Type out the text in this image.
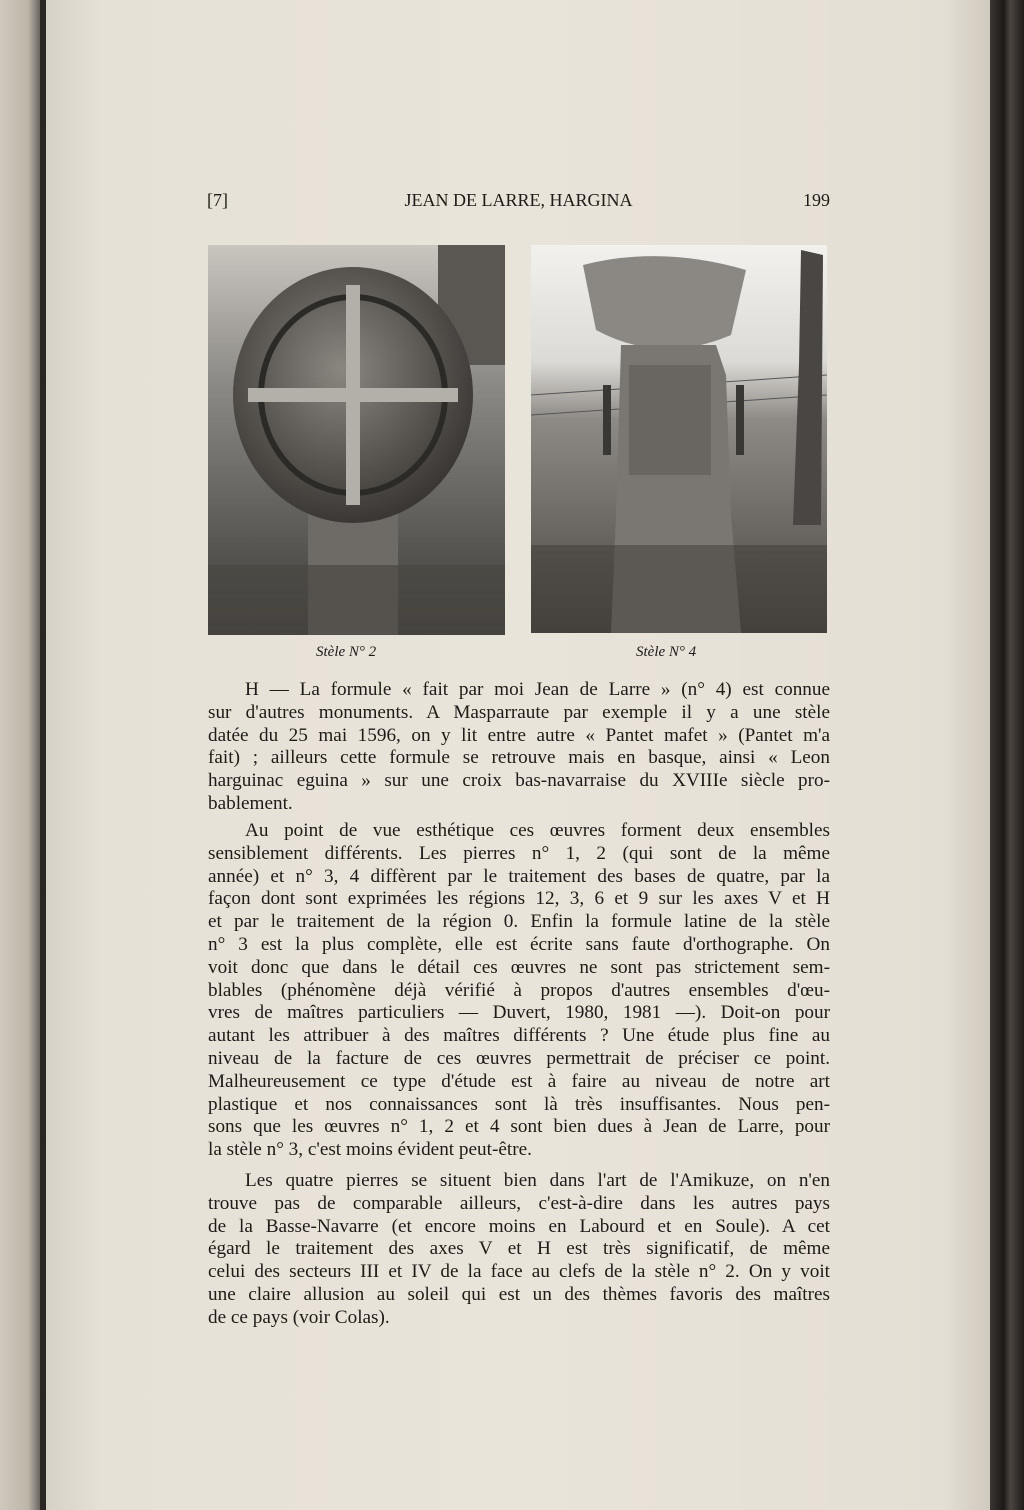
[7]	JEAN DE LARRE, HARGINA	199
Stèle N° 2	Stèle N° 4
H — La formule « fait par moi Jean de Larre » (n° 4) est connue
sur d'autres monuments. A Masparraute par exemple il y a une stèle
datée du 25 mai 1596, on y lit entre autre « Pantet mafet » (Pantet m'a
fait) ; ailleurs cette formule se retrouve mais en basque, ainsi « Leon
harguinac eguina » sur une croix bas-navarraise du XVIIIe siècle pro-
bablement.
Au point de vue esthétique ces œuvres forment deux ensembles
sensiblement différents. Les pierres n° 1, 2 (qui sont de la même
année) et n° 3, 4 diffèrent par le traitement des bases de quatre, par la
façon dont sont exprimées les régions 12, 3, 6 et 9 sur les axes V et H
et par le traitement de la région 0. Enfin la formule latine de la stèle
n° 3 est la plus complète, elle est écrite sans faute d'orthographe. On
voit donc que dans le détail ces œuvres ne sont pas strictement sem-
blables (phénomène déjà vérifié à propos d'autres ensembles d'œu-
vres de maîtres particuliers — Duvert, 1980, 1981 —). Doit-on pour
autant les attribuer à des maîtres différents ? Une étude plus fine au
niveau de la facture de ces œuvres permettrait de préciser ce point.
Malheureusement ce type d'étude est à faire au niveau de notre art
plastique et nos connaissances sont là très insuffisantes. Nous pen-
sons que les œuvres n° 1, 2 et 4 sont bien dues à Jean de Larre, pour
la stèle n° 3, c'est moins évident peut-être.
Les quatre pierres se situent bien dans l'art de l'Amikuze, on n'en
trouve pas de comparable ailleurs, c'est-à-dire dans les autres pays
de la Basse-Navarre (et encore moins en Labourd et en Soule). A cet
égard le traitement des axes V et H est très significatif, de même
celui des secteurs III et IV de la face au clefs de la stèle n° 2. On y voit
une claire allusion au soleil qui est un des thèmes favoris des maîtres
de ce pays (voir Colas).
